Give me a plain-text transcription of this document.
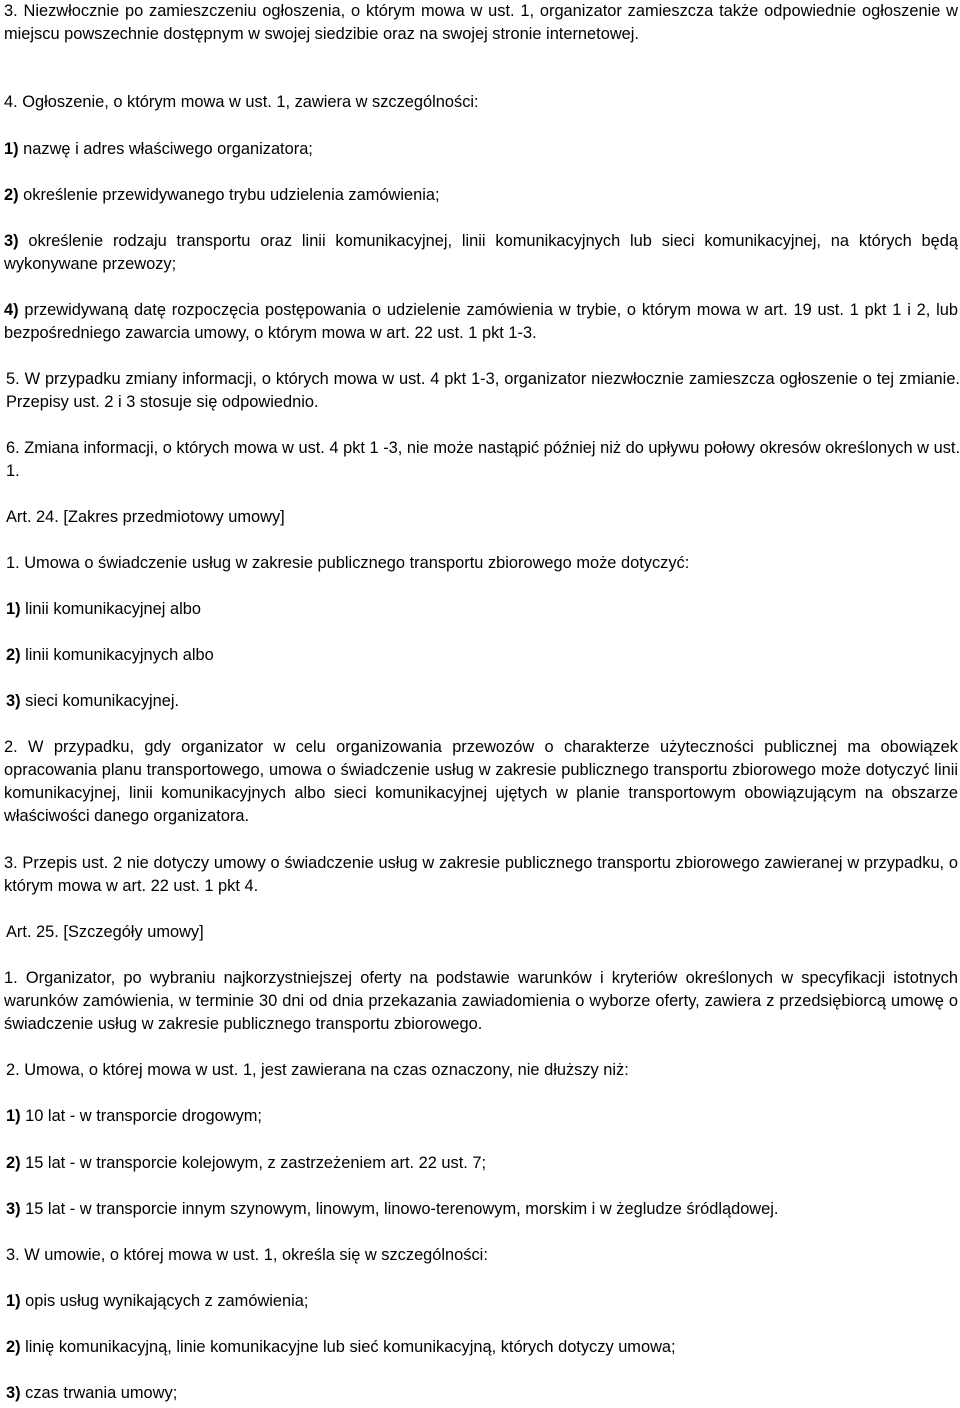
3. Niezwłocznie po zamieszczeniu ogłoszenia, o którym mowa w ust. 1, organizator zamieszcza także odpowiednie ogłoszenie w miejscu powszechnie dostępnym w swojej siedzibie oraz na swojej stronie internetowej.

4. Ogłoszenie, o którym mowa w ust. 1, zawiera w szczególności:

1) nazwę i adres właściwego organizatora;

2) określenie przewidywanego trybu udzielenia zamówienia;

3) określenie rodzaju transportu oraz linii komunikacyjnej, linii komunikacyjnych lub sieci komunikacyjnej, na których będą wykonywane przewozy;

4) przewidywaną datę rozpoczęcia postępowania o udzielenie zamówienia w trybie, o którym mowa w art. 19 ust. 1 pkt 1 i 2, lub bezpośredniego zawarcia umowy, o którym mowa w art. 22 ust. 1 pkt 1-3.

5. W przypadku zmiany informacji, o których mowa w ust. 4 pkt 1-3, organizator niezwłocznie zamieszcza ogłoszenie o tej zmianie. Przepisy ust. 2 i 3 stosuje się odpowiednio.

6. Zmiana informacji, o których mowa w ust. 4 pkt 1 -3, nie może nastąpić później niż do upływu połowy okresów określonych w ust. 1.

Art. 24. [Zakres przedmiotowy umowy]

1. Umowa o świadczenie usług w zakresie publicznego transportu zbiorowego może dotyczyć:

1) linii komunikacyjnej albo

2) linii komunikacyjnych albo

3) sieci komunikacyjnej.

2. W przypadku, gdy organizator w celu organizowania przewozów o charakterze użyteczności publicznej ma obowiązek opracowania planu transportowego, umowa o świadczenie usług w zakresie publicznego transportu zbiorowego może dotyczyć linii komunikacyjnej, linii komunikacyjnych albo sieci komunikacyjnej ujętych w planie transportowym obowiązującym na obszarze właściwości danego organizatora.

3. Przepis ust. 2 nie dotyczy umowy o świadczenie usług w zakresie publicznego transportu zbiorowego zawieranej w przypadku, o którym mowa w art. 22 ust. 1 pkt 4.

Art. 25. [Szczegóły umowy]

1. Organizator, po wybraniu najkorzystniejszej oferty na podstawie warunków i kryteriów określonych w specyfikacji istotnych warunków zamówienia, w terminie 30 dni od dnia przekazania zawiadomienia o wyborze oferty, zawiera z przedsiębiorcą umowę o świadczenie usług w zakresie publicznego transportu zbiorowego.

2. Umowa, o której mowa w ust. 1, jest zawierana na czas oznaczony, nie dłuższy niż:

1) 10 lat - w transporcie drogowym;

2) 15 lat - w transporcie kolejowym, z zastrzeżeniem art. 22 ust. 7;

3) 15 lat - w transporcie innym szynowym, linowym, linowo-terenowym, morskim i w żegludze śródlądowej.

3. W umowie, o której mowa w ust. 1, określa się w szczególności:

1) opis usług wynikających z zamówienia;

2) linię komunikacyjną, linie komunikacyjne lub sieć komunikacyjną, których dotyczy umowa;

3) czas trwania umowy;
